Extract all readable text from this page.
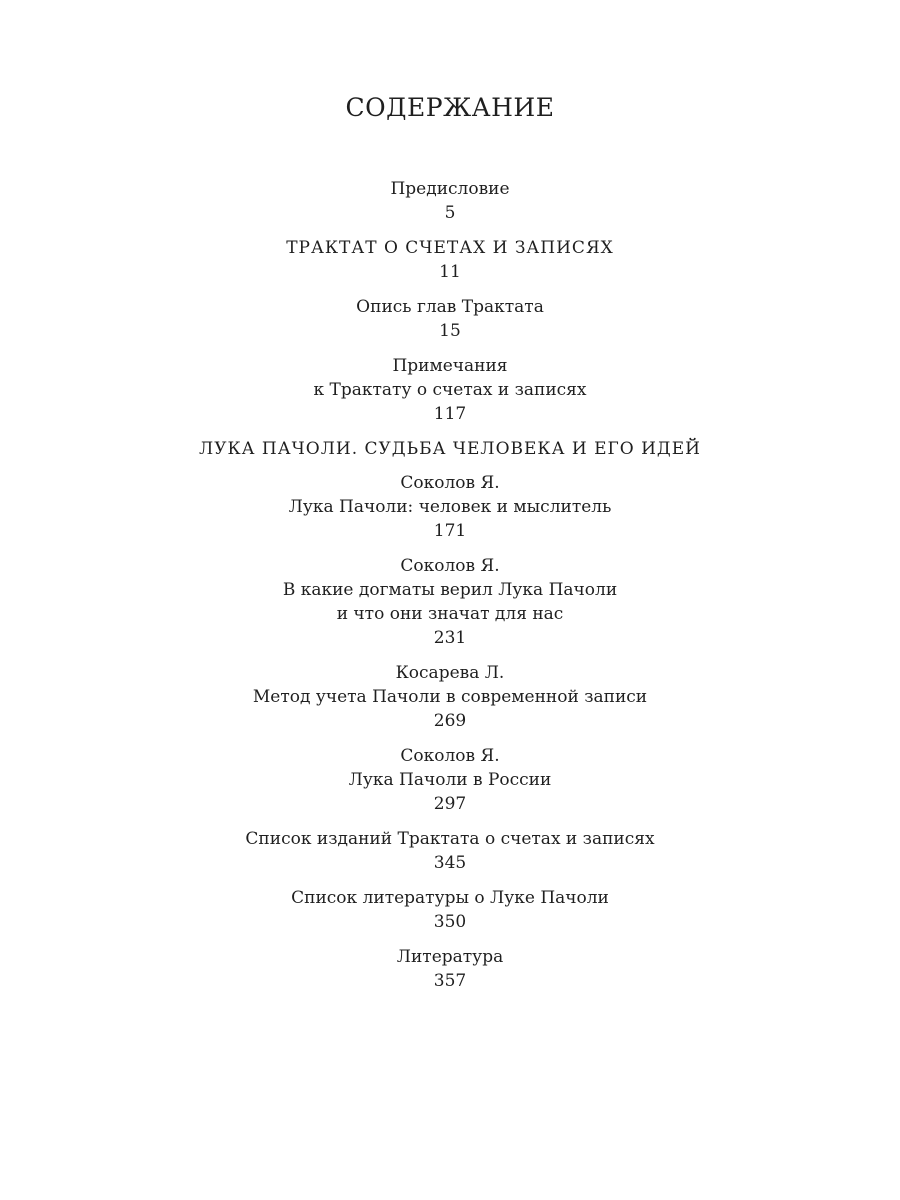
СОДЕРЖАНИЕ
Предисловие
5
ТРАКТАТ О СЧЕТАХ И ЗАПИСЯХ
11
Опись глав Трактата
15
Примечания
к Трактату о счетах и записях
117
ЛУКА ПАЧОЛИ. СУДЬБА ЧЕЛОВЕКА И ЕГО ИДЕЙ
Соколов Я.
Лука Пачоли: человек и мыслитель
171
Соколов Я.
В какие догматы верил Лука Пачоли
и что они значат для нас
231
Косарева Л.
Метод учета Пачоли в современной записи
269
Соколов Я.
Лука Пачоли в России
297
Список изданий Трактата о счетах и записях
345
Список литературы о Луке Пачоли
350
Литература
357
